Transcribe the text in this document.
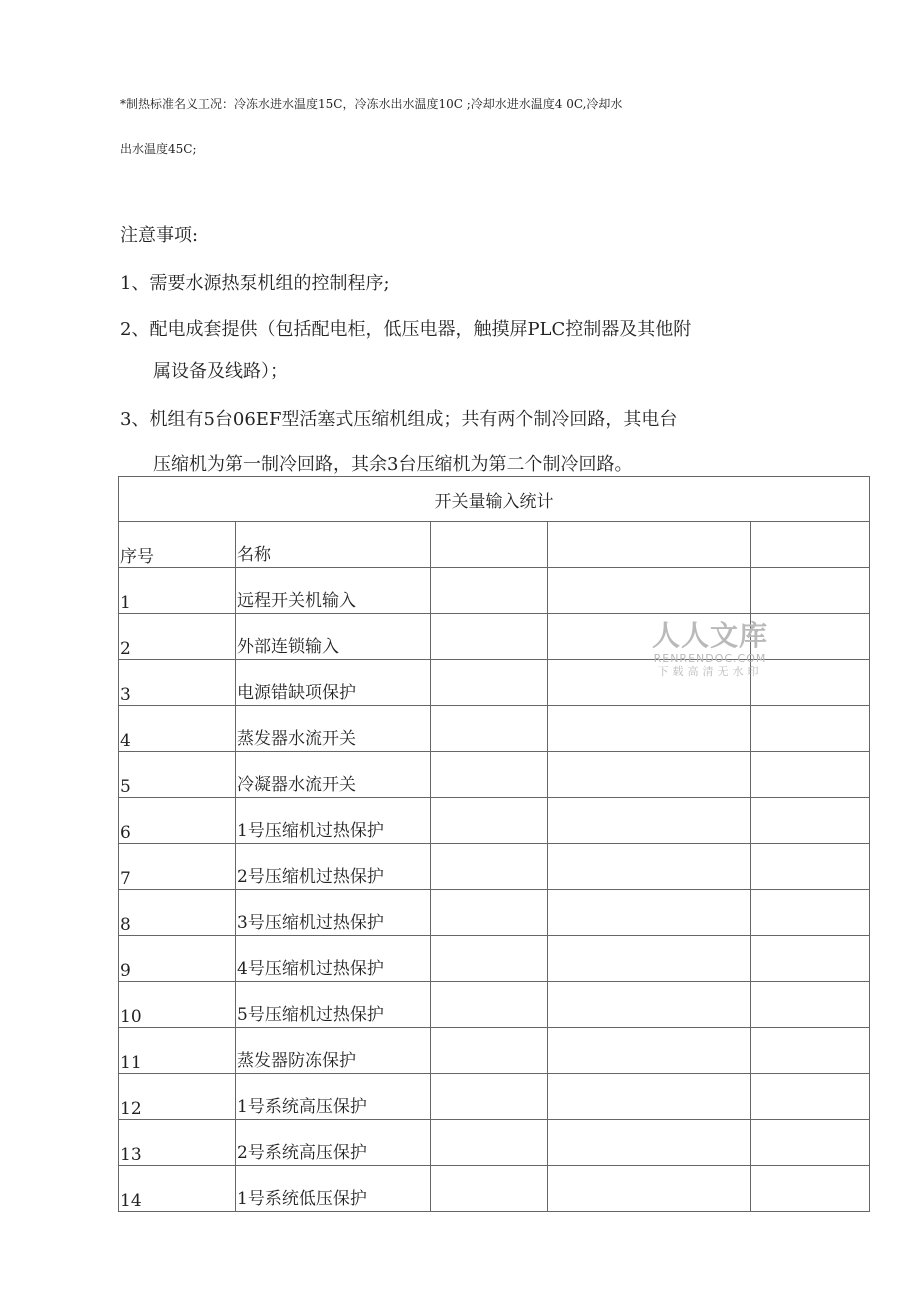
*制热标准名义工况：冷冻水进水温度15C，冷冻水出水温度10C ;冷却水进水温度4 0C,冷却水
出水温度45C;
注意事项:
1、需要水源热泵机组的控制程序;
2、配电成套提供（包括配电柜，低压电器，触摸屏PLC控制器及其他附
属设备及线路）；
3、机组有5台06EF型活塞式压缩机组成；共有两个制冷回路，其电台
压缩机为第一制冷回路，其余3台压缩机为第二个制冷回路。
开关量输入统计				
序号	名称			
1	远程开关机输入			
2	外部连锁输入			
3	电源错缺项保护			
4	蒸发器水流开关			
5	冷凝器水流开关			
6	1号压缩机过热保护			
7	2号压缩机过热保护			
8	3号压缩机过热保护			
9	4号压缩机过热保护			
10	5号压缩机过热保护			
11	蒸发器防冻保护			
12	1号系统高压保护			
13	2号系统高压保护			
14	1号系统低压保护			
人人文库
RENRENDOC.COM
下载高清无水印
